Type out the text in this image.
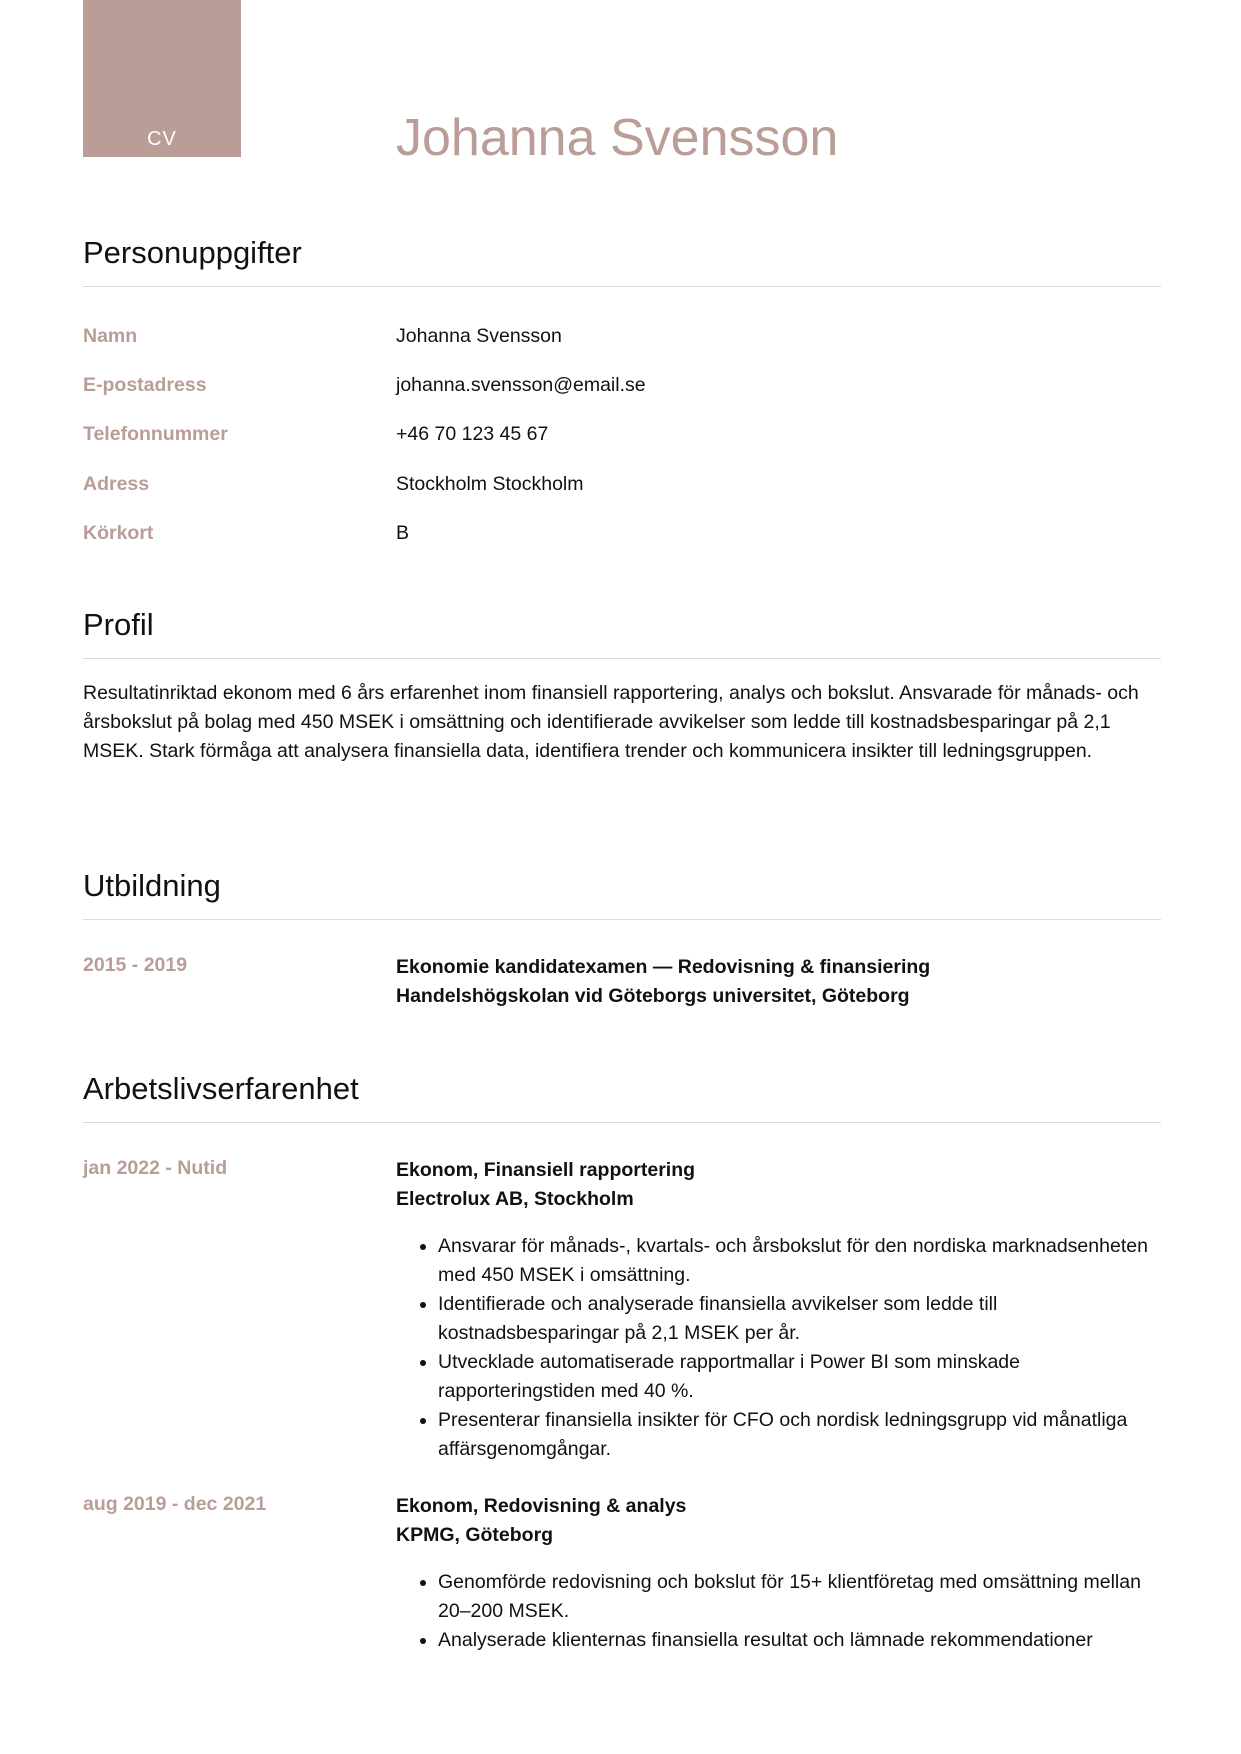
CV	Johanna Svensson
Personuppgifter
Namn	Johanna Svensson
E-postadress	johanna.svensson@email.se
Telefonnummer	+46 70 123 45 67
Adress	Stockholm Stockholm
Körkort	B
Profil

Resultatinriktad ekonom med 6 års erfarenhet inom finansiell rapportering, analys och bokslut. Ansvarade för månads- och årsbokslut på bolag med 450 MSEK i omsättning och identifierade avvikelser som ledde till kostnadsbesparingar på 2,1 MSEK. Stark förmåga att analysera finansiella data, identifiera trender och kommunicera insikter till ledningsgruppen.

Utbildning
2015 - 2019	Ekonomie kandidatexamen — Redovisning & finansiering
Handelshögskolan vid Göteborgs universitet, Göteborg
Arbetslivserfarenhet
jan 2022 - Nutid	Ekonom, Finansiell rapportering
Electrolux AB, Stockholm
• Ansvarar för månads-, kvartals- och årsbokslut för den nordiska marknadsenheten med 450 MSEK i omsättning.
• Identifierade och analyserade finansiella avvikelser som ledde till kostnadsbesparingar på 2,1 MSEK per år.
• Utvecklade automatiserade rapportmallar i Power BI som minskade rapporteringstiden med 40 %.
• Presenterar finansiella insikter för CFO och nordisk ledningsgrupp vid månatliga affärsgenomgångar.
aug 2019 - dec 2021	Ekonom, Redovisning & analys
KPMG, Göteborg
• Genomförde redovisning och bokslut för 15+ klientföretag med omsättning mellan 20–200 MSEK.
• Analyserade klienternas finansiella resultat och lämnade rekommendationer
